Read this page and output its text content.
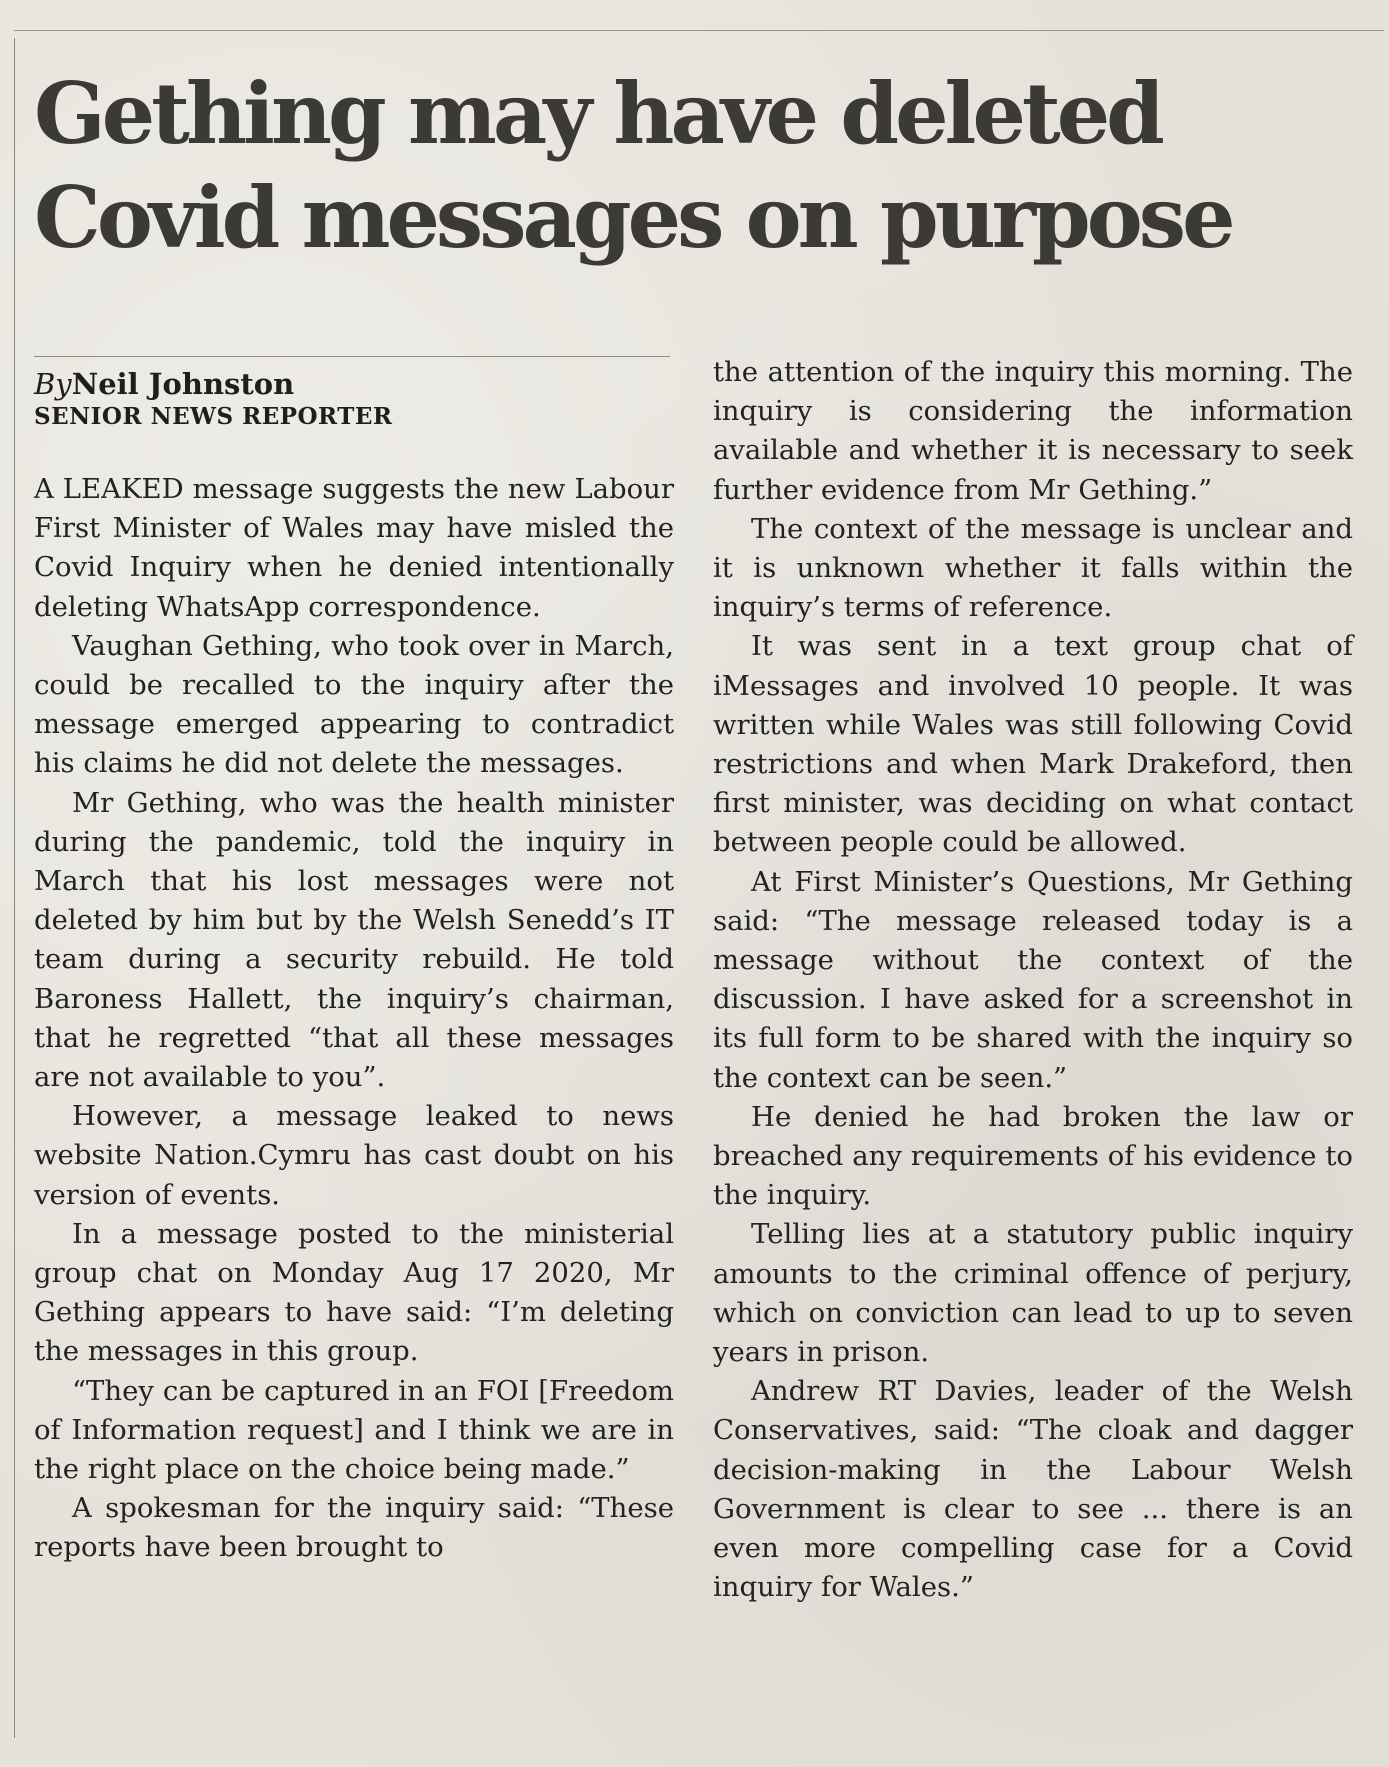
Gething may have deleted
Covid messages on purpose
ByNeil Johnston
SENIOR NEWS REPORTER

A LEAKED message suggests the new Labour First Minister of Wales may have misled the Covid Inquiry when he denied intentionally deleting WhatsApp correspondence.

Vaughan Gething, who took over in March, could be recalled to the inquiry after the message emerged appearing to contradict his claims he did not delete the messages.

Mr Gething, who was the health minister during the pandemic, told the inquiry in March that his lost messages were not deleted by him but by the Welsh Senedd’s IT team during a security rebuild. He told Baroness Hallett, the inquiry’s chairman, that he regretted “that all these messages are not available to you”.

However, a message leaked to news website Nation.Cymru has cast doubt on his version of events.

In a message posted to the ministerial group chat on Monday Aug 17 2020, Mr Gething appears to have said: “I’m deleting the messages in this group.

“They can be captured in an FOI [Freedom of Information request] and I think we are in the right place on the choice being made.”

A spokesman for the inquiry said: “These reports have been brought to

the attention of the inquiry this morning. The inquiry is considering the information available and whether it is necessary to seek further evidence from Mr Gething.”

The context of the message is unclear and it is unknown whether it falls within the inquiry’s terms of reference.

It was sent in a text group chat of iMessages and involved 10 people. It was written while Wales was still following Covid restrictions and when Mark Drakeford, then first minister, was deciding on what contact between people could be allowed.

At First Minister’s Questions, Mr Gething said: “The message released today is a message without the context of the discussion. I have asked for a screenshot in its full form to be shared with the inquiry so the context can be seen.”

He denied he had broken the law or breached any requirements of his evidence to the inquiry.

Telling lies at a statutory public inquiry amounts to the criminal offence of perjury, which on conviction can lead to up to seven years in prison.

Andrew RT Davies, leader of the Welsh Conservatives, said: “The cloak and dagger decision-making in the Labour Welsh Government is clear to see ... there is an even more compelling case for a Covid inquiry for Wales.”
